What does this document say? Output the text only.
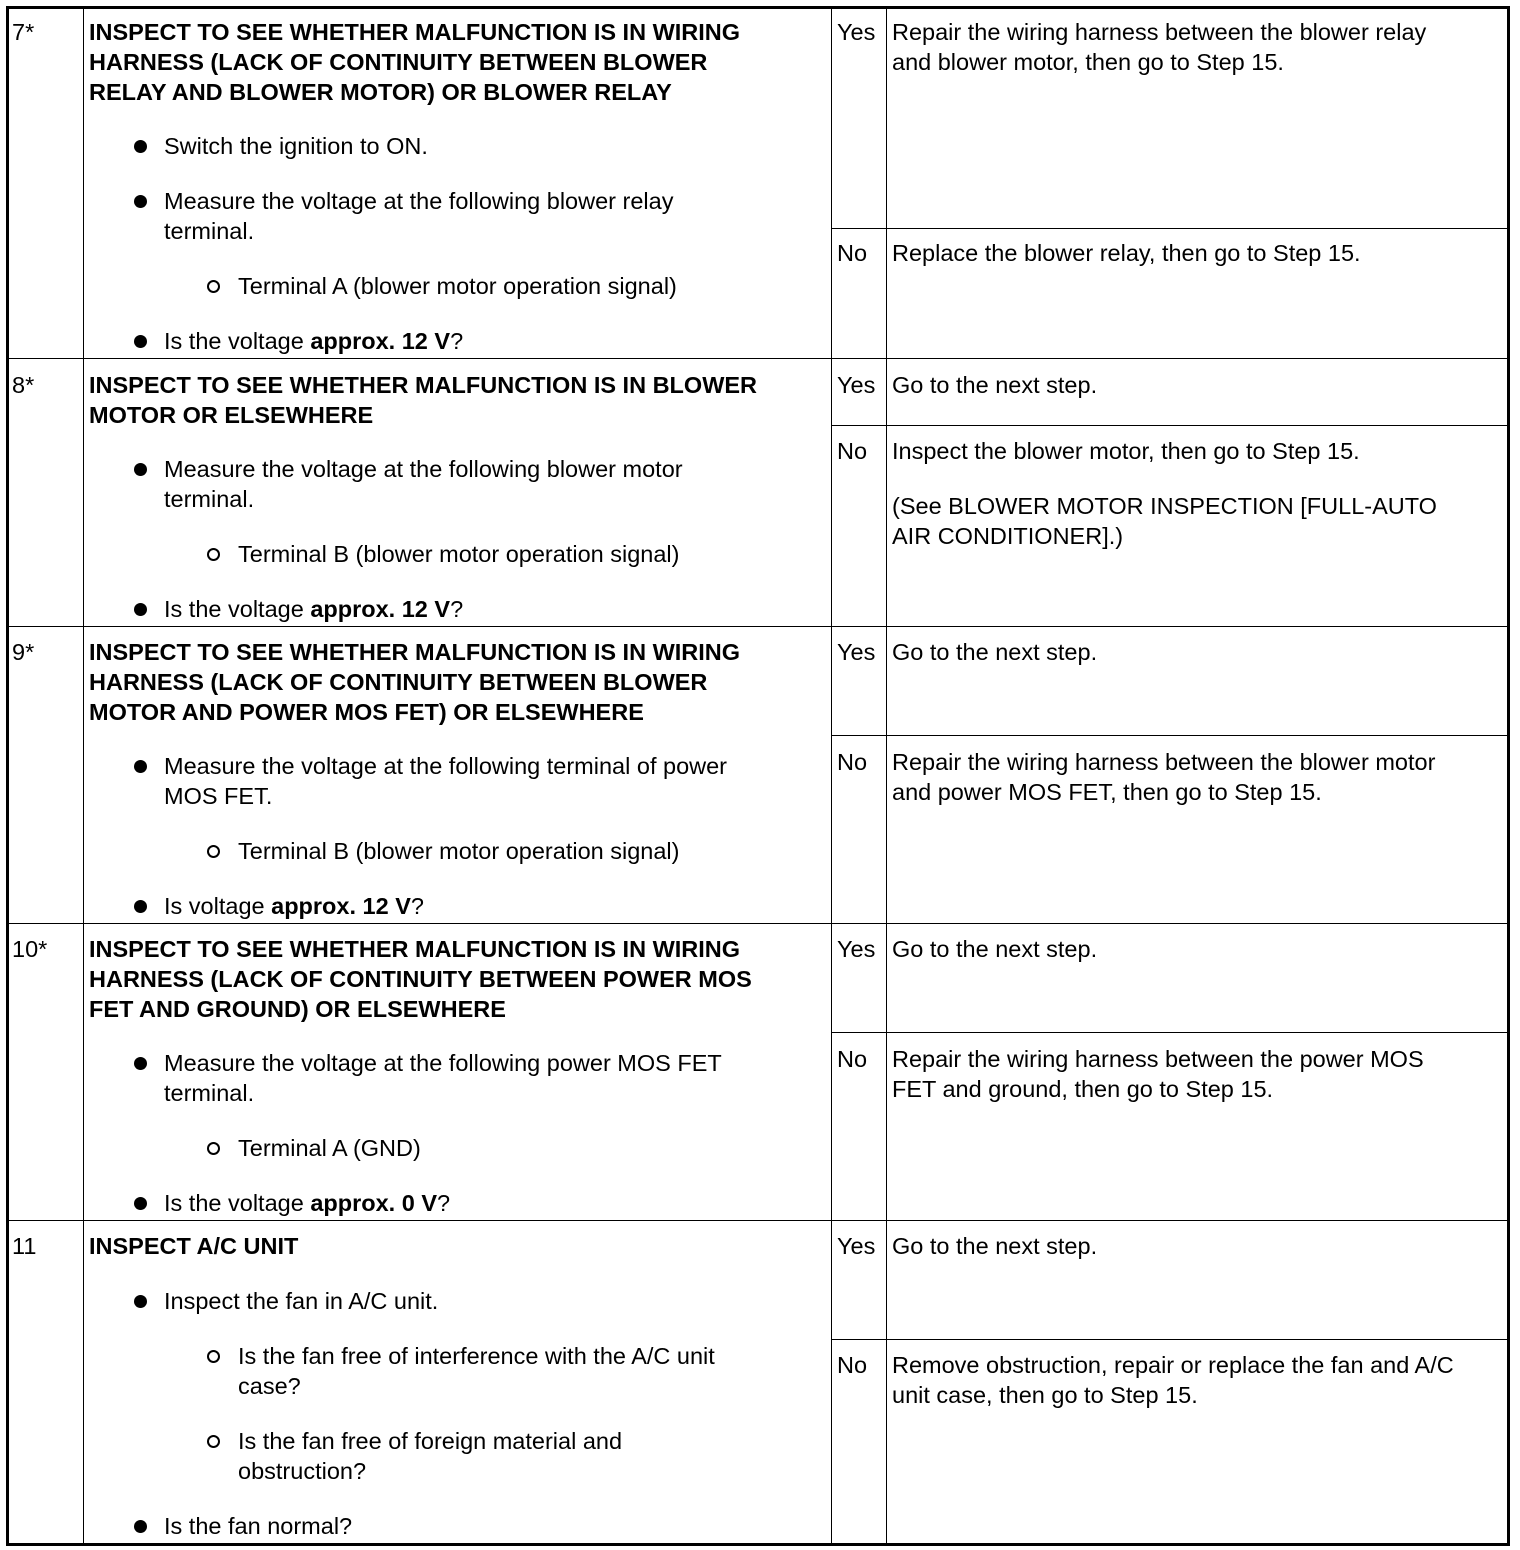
7* INSPECT TO SEE WHETHER MALFUNCTION IS IN WIRING
HARNESS (LACK OF CONTINUITY BETWEEN BLOWER
RELAY AND BLOWER MOTOR) OR BLOWER RELAY
Switch the ignition to ON.
Measure the voltage at the following blower relay
terminal.
Terminal A (blower motor operation signal)
Is the voltage approx. 12 V?
Yes
No
Repair the wiring harness between the blower relay
and blower motor, then go to Step 15.
Replace the blower relay, then go to Step 15.
8* INSPECT TO SEE WHETHER MALFUNCTION IS IN BLOWER
MOTOR OR ELSEWHERE
Measure the voltage at the following blower motor
terminal.
Terminal B (blower motor operation signal)
Is the voltage approx. 12 V?
Yes
No
Go to the next step.
Inspect the blower motor, then go to Step 15.
(See BLOWER MOTOR INSPECTION [FULL-AUTO
AIR CONDITIONER].)
9* INSPECT TO SEE WHETHER MALFUNCTION IS IN WIRING
HARNESS (LACK OF CONTINUITY BETWEEN BLOWER
MOTOR AND POWER MOS FET) OR ELSEWHERE
Measure the voltage at the following terminal of power
MOS FET.
Terminal B (blower motor operation signal)
Is voltage approx. 12 V?
Yes
No
Go to the next step.
Repair the wiring harness between the blower motor
and power MOS FET, then go to Step 15.
10* INSPECT TO SEE WHETHER MALFUNCTION IS IN WIRING
HARNESS (LACK OF CONTINUITY BETWEEN POWER MOS
FET AND GROUND) OR ELSEWHERE
Measure the voltage at the following power MOS FET
terminal.
Terminal A (GND)
Is the voltage approx. 0 V?
Yes
No
Go to the next step.
Repair the wiring harness between the power MOS
FET and ground, then go to Step 15.
11 INSPECT A/C UNIT
Inspect the fan in A/C unit.
Is the fan free of interference with the A/C unit
case?
Is the fan free of foreign material and
obstruction?
Is the fan normal?
Yes
No
Go to the next step.
Remove obstruction, repair or replace the fan and A/C
unit case, then go to Step 15.
